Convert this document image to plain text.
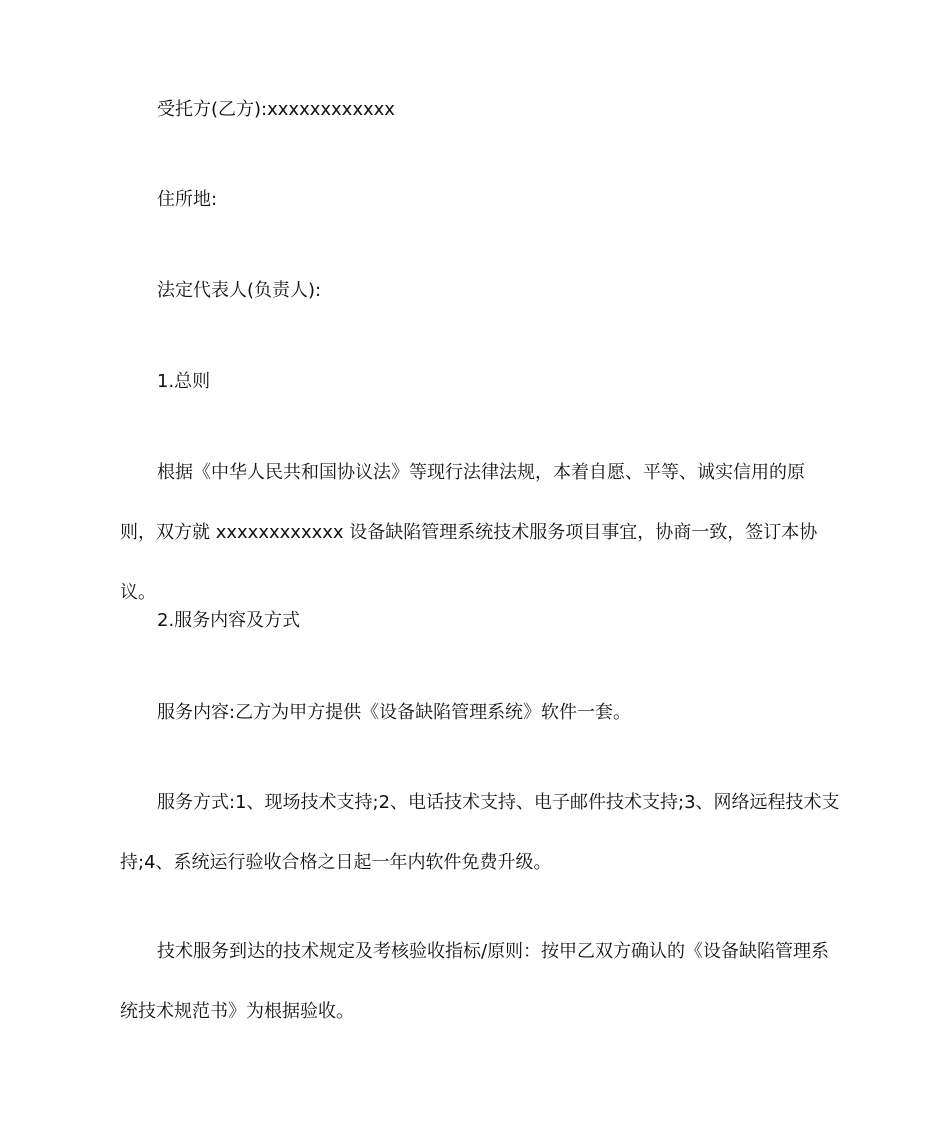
受托方(乙方):xxxxxxxxxxxx

住所地:

法定代表人(负责人):

1.总则

根据《中华人民共和国协议法》等现行法律法规，本着自愿、平等、诚实信用的原则，双方就 xxxxxxxxxxxx 设备缺陷管理系统技术服务项目事宜，协商一致，签订本协议。

2.服务内容及方式

服务内容:乙方为甲方提供《设备缺陷管理系统》软件一套。

服务方式:1、现场技术支持;2、电话技术支持、电子邮件技术支持;3、网络远程技术支持;4、系统运行验收合格之日起一年内软件免费升级。

技术服务到达的技术规定及考核验收指标/原则：按甲乙双方确认的《设备缺陷管理系统技术规范书》为根据验收。
